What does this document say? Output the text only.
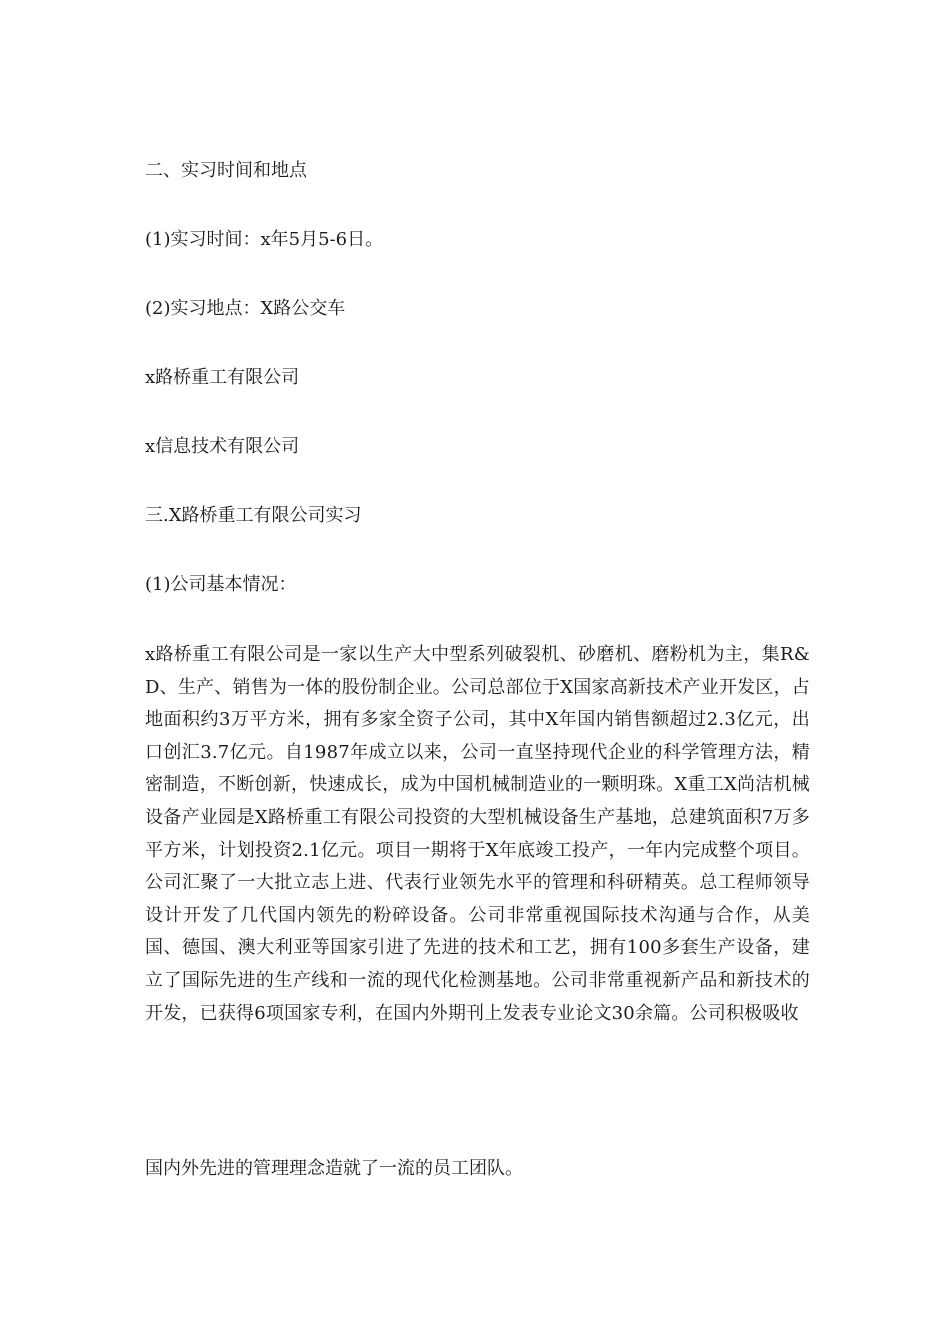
二、实习时间和地点
(1)实习时间：x年5月5-6日。
(2)实习地点：X路公交车
x路桥重工有限公司
x信息技术有限公司
三.X路桥重工有限公司实习
(1)公司基本情况：
x路桥重工有限公司是一家以生产大中型系列破裂机、砂磨机、磨粉机为主，集R&D、生产、销售为一体的股份制企业。公司总部位于X国家高新技术产业开发区，占地面积约3万平方米，拥有多家全资子公司，其中X年国内销售额超过2.3亿元，出口创汇3.7亿元。自1987年成立以来，公司一直坚持现代企业的科学管理方法，精密制造，不断创新，快速成长，成为中国机械制造业的一颗明珠。X重工X尚洁机械设备产业园是X路桥重工有限公司投资的大型机械设备生产基地，总建筑面积7万多平方米，计划投资2.1亿元。项目一期将于X年底竣工投产，一年内完成整个项目。公司汇聚了一大批立志上进、代表行业领先水平的管理和科研精英。总工程师领导设计开发了几代国内领先的粉碎设备。公司非常重视国际技术沟通与合作，从美国、德国、澳大利亚等国家引进了先进的技术和工艺，拥有100多套生产设备，建立了国际先进的生产线和一流的现代化检测基地。公司非常重视新产品和新技术的开发，已获得6项国家专利，在国内外期刊上发表专业论文30余篇。公司积极吸收
国内外先进的管理理念造就了一流的员工团队。
